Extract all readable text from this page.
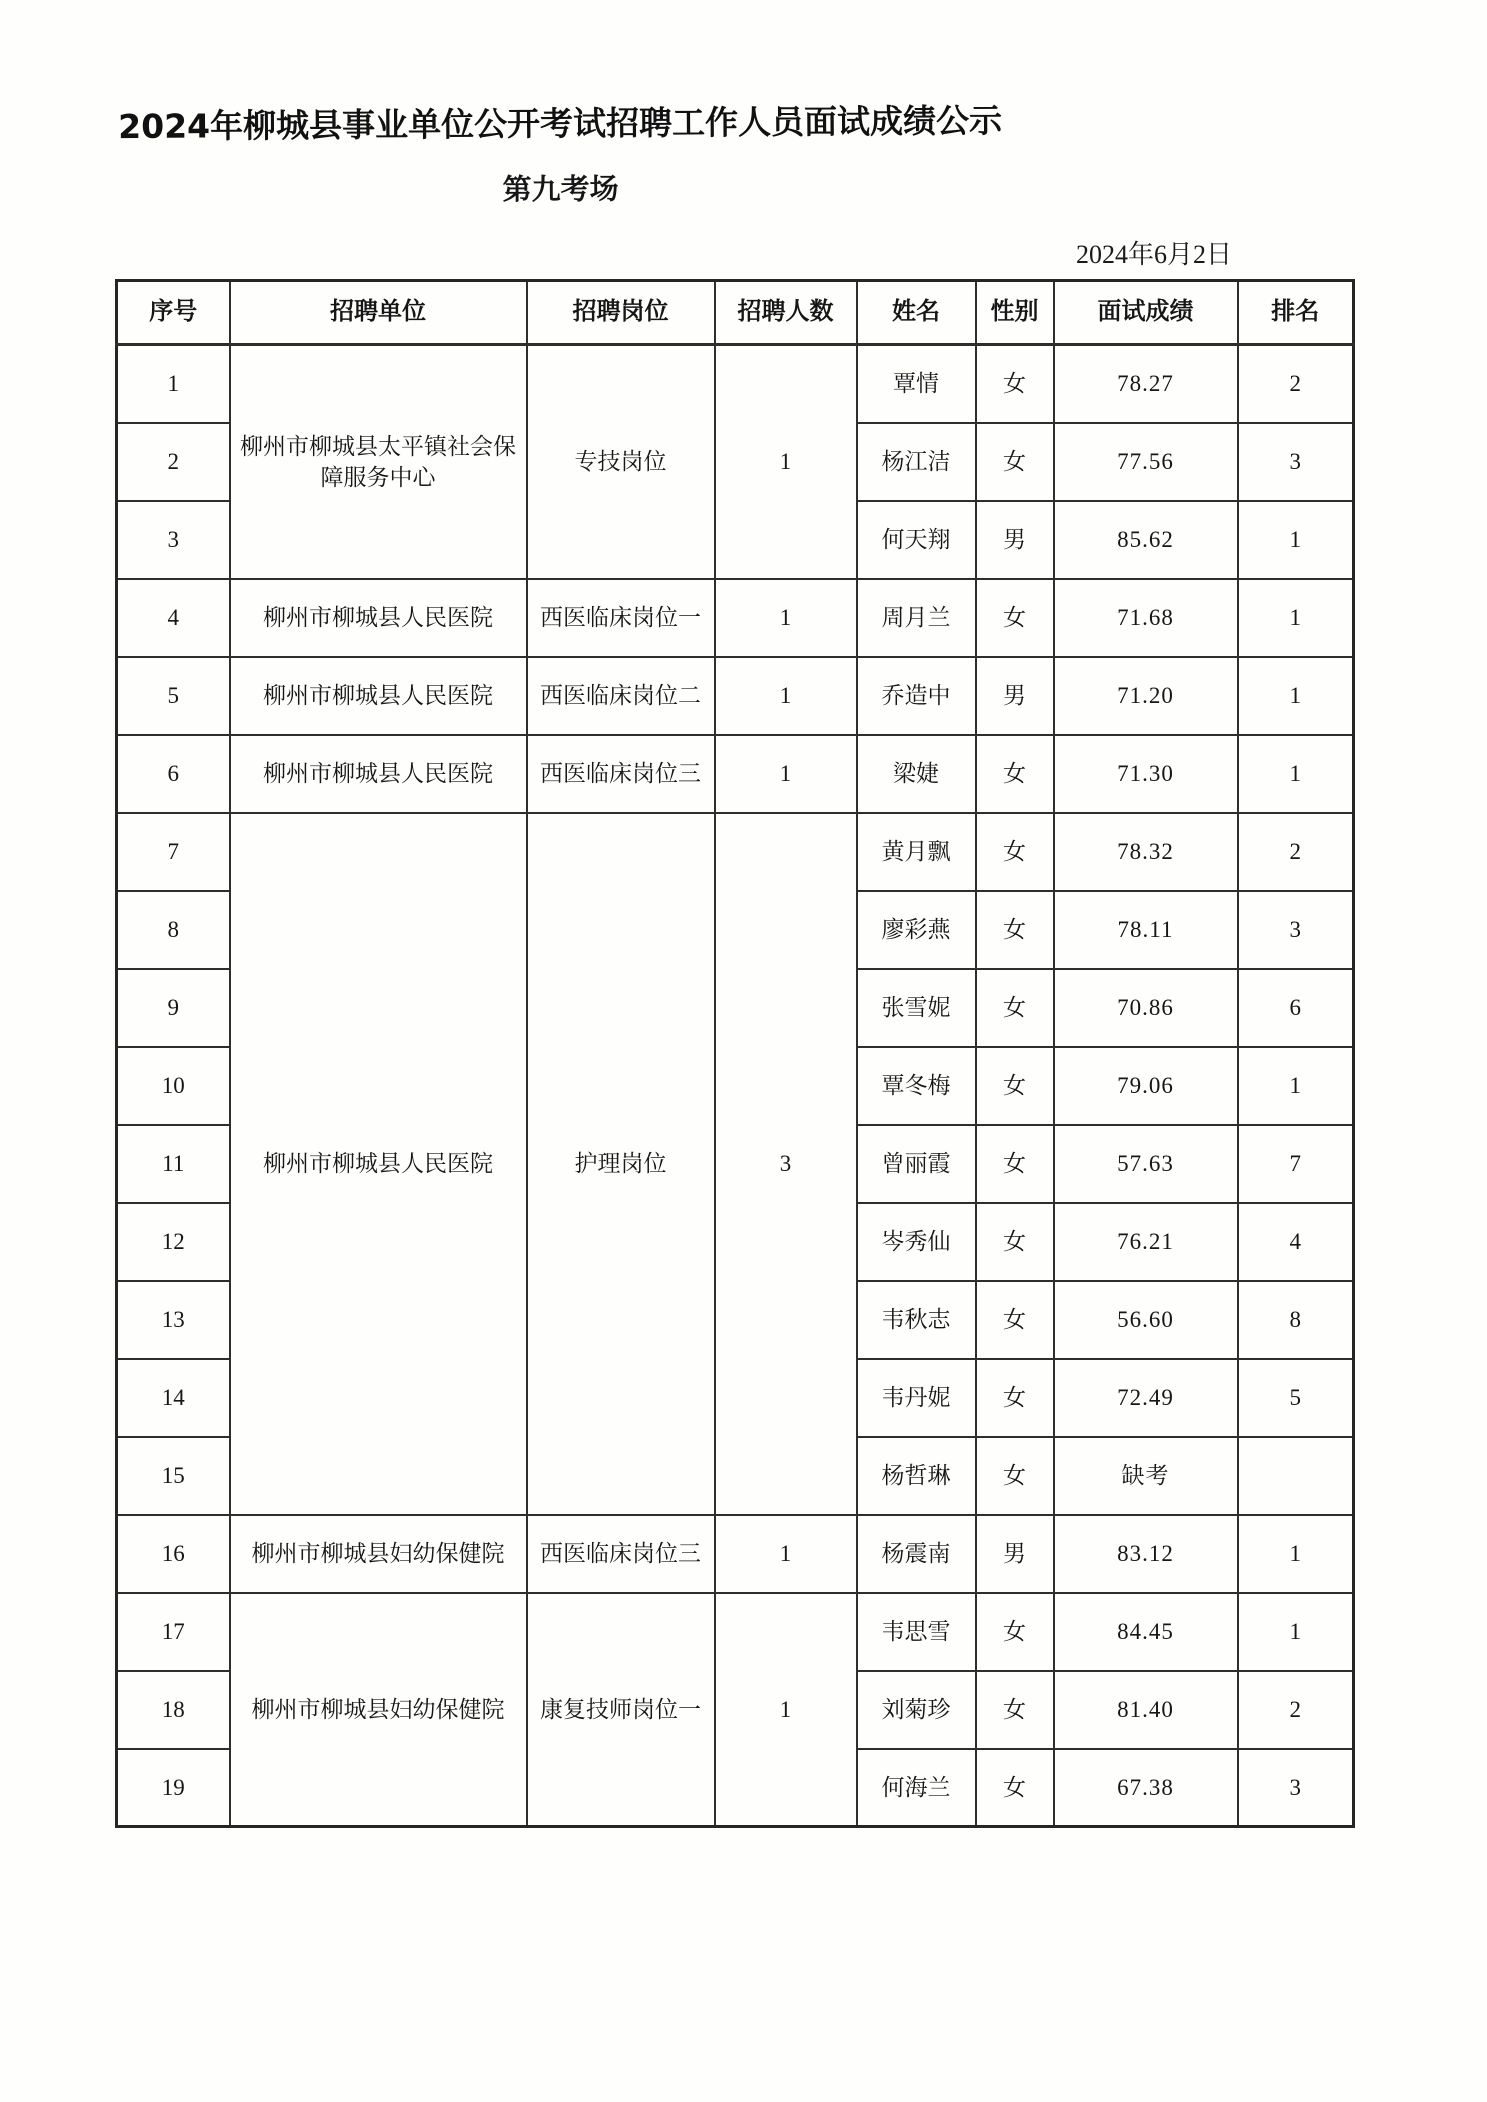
2024年柳城县事业单位公开考试招聘工作人员面试成绩公示
第九考场
2024年6月2日
序号	招聘单位	招聘岗位	招聘人数	姓名	性别	面试成绩	排名
1	柳州市柳城县太平镇社会保障服务中心	专技岗位	1	覃情	女	78.27	2
2				杨江洁	女	77.56	3
3				何天翔	男	85.62	1
4	柳州市柳城县人民医院	西医临床岗位一	1	周月兰	女	71.68	1
5	柳州市柳城县人民医院	西医临床岗位二	1	乔造中	男	71.20	1
6	柳州市柳城县人民医院	西医临床岗位三	1	梁婕	女	71.30	1
7	柳州市柳城县人民医院	护理岗位	3	黄月飘	女	78.32	2
8				廖彩燕	女	78.11	3
9				张雪妮	女	70.86	6
10				覃冬梅	女	79.06	1
11				曾丽霞	女	57.63	7
12				岑秀仙	女	76.21	4
13				韦秋志	女	56.60	8
14				韦丹妮	女	72.49	5
15				杨哲琳	女	缺考	
16	柳州市柳城县妇幼保健院	西医临床岗位三	1	杨震南	男	83.12	1
17	柳州市柳城县妇幼保健院	康复技师岗位一	1	韦思雪	女	84.45	1
18				刘菊珍	女	81.40	2
19				何海兰	女	67.38	3
